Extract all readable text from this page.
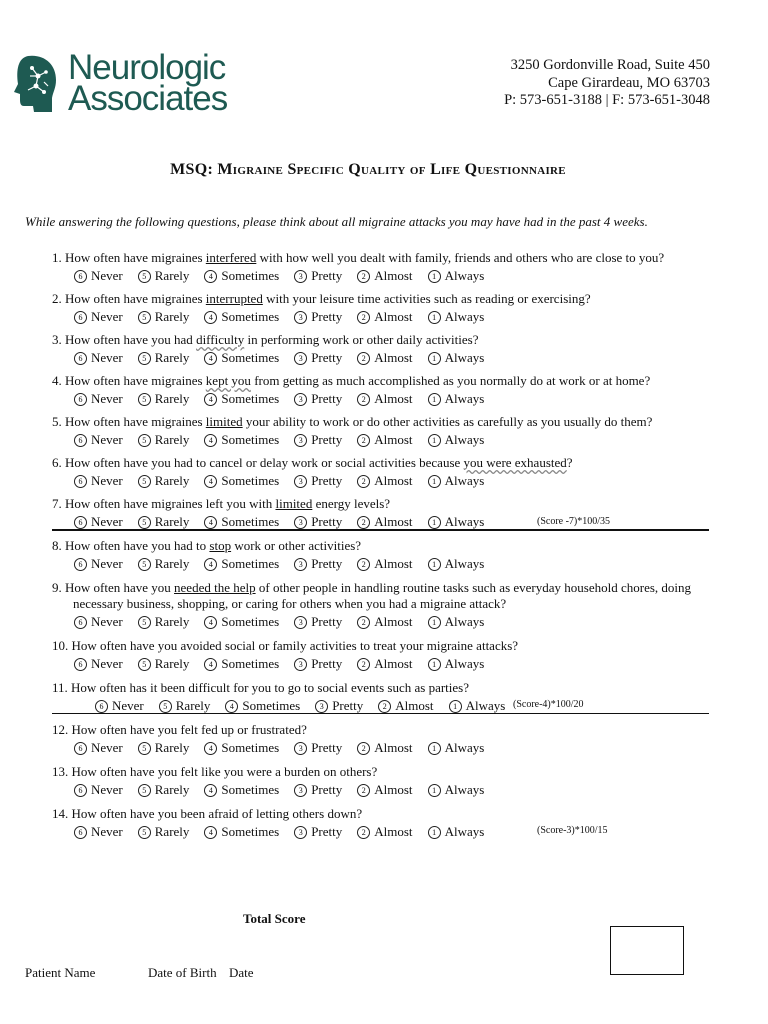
Neurologic
Associates
3250 Gordonville Road, Suite 450
Cape Girardeau, MO 63703
P: 573-651-3188 | F: 573-651-3048
MSQ: Migraine Specific Quality of Life Questionnaire
While answering the following questions, please think about all migraine attacks you may have had in the past 4 weeks.
1. How often have migraines interfered with how well you dealt with family, friends and others who are close to you?
6 Never 5 Rarely 4 Sometimes 3 Pretty 2 Almost 1 Always
2. How often have migraines interrupted with your leisure time activities such as reading or exercising?
6 Never 5 Rarely 4 Sometimes 3 Pretty 2 Almost 1 Always
3. How often have you had difficulty in performing work or other daily activities?
6 Never 5 Rarely 4 Sometimes 3 Pretty 2 Almost 1 Always
4. How often have migraines kept you from getting as much accomplished as you normally do at work or at home?
6 Never 5 Rarely 4 Sometimes 3 Pretty 2 Almost 1 Always
5. How often have migraines limited your ability to work or do other activities as carefully as you usually do them?
6 Never 5 Rarely 4 Sometimes 3 Pretty 2 Almost 1 Always
6. How often have you had to cancel or delay work or social activities because you were exhausted?
6 Never 5 Rarely 4 Sometimes 3 Pretty 2 Almost 1 Always
7. How often have migraines left you with limited energy levels?
6 Never 5 Rarely 4 Sometimes 3 Pretty 2 Almost 1 Always
8. How often have you had to stop work or other activities?
6 Never 5 Rarely 4 Sometimes 3 Pretty 2 Almost 1 Always
9. How often have you needed the help of other people in handling routine tasks such as everyday household chores, doing
necessary business, shopping, or caring for others when you had a migraine attack?
6 Never 5 Rarely 4 Sometimes 3 Pretty 2 Almost 1 Always
10. How often have you avoided social or family activities to treat your migraine attacks?
6 Never 5 Rarely 4 Sometimes 3 Pretty 2 Almost 1 Always
11. How often has it been difficult for you to go to social events such as parties?
6 Never 5 Rarely 4 Sometimes 3 Pretty 2 Almost 1 Always
12. How often have you felt fed up or frustrated?
6 Never 5 Rarely 4 Sometimes 3 Pretty 2 Almost 1 Always
13. How often have you felt like you were a burden on others?
6 Never 5 Rarely 4 Sometimes 3 Pretty 2 Almost 1 Always
14. How often have you been afraid of letting others down?
6 Never 5 Rarely 4 Sometimes 3 Pretty 2 Almost 1 Always
(Score -7)*100/35
(Score-4)*100/20
(Score-3)*100/15
Total Score
Patient Name	Date of Birth Date
